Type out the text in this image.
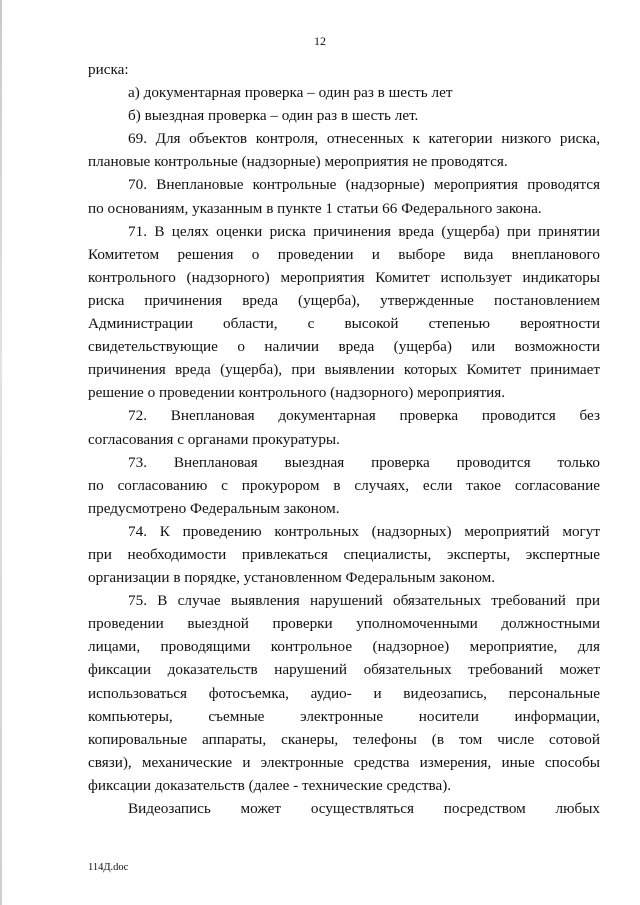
12
риска:
а) документарная проверка – один раз в шесть лет
б) выездная проверка – один раз в шесть лет.
69. Для объектов контроля, отнесенных к категории низкого риска,
плановые контрольные (надзорные) мероприятия не проводятся.
70. Внеплановые контрольные (надзорные) мероприятия проводятся
по основаниям, указанным в пункте 1 статьи 66 Федерального закона.
71. В целях оценки риска причинения вреда (ущерба) при принятии
Комитетом решения о проведении и выборе вида внепланового
контрольного (надзорного) мероприятия Комитет использует индикаторы
риска причинения вреда (ущерба), утвержденные постановлением
Администрации области, с высокой степенью вероятности
свидетельствующие о наличии вреда (ущерба) или возможности
причинения вреда (ущерба), при выявлении которых Комитет принимает
решение о проведении контрольного (надзорного) мероприятия.
72. Внеплановая документарная проверка проводится без
согласования с органами прокуратуры.
73. Внеплановая выездная проверка проводится только
по согласованию с прокурором в случаях, если такое согласование
предусмотрено Федеральным законом.
74. К проведению контрольных (надзорных) мероприятий могут
при необходимости привлекаться специалисты, эксперты, экспертные
организации в порядке, установленном Федеральным законом.
75. В случае выявления нарушений обязательных требований при
проведении выездной проверки уполномоченными должностными
лицами, проводящими контрольное (надзорное) мероприятие, для
фиксации доказательств нарушений обязательных требований может
использоваться фотосъемка, аудио- и видеозапись, персональные
компьютеры, съемные электронные носители информации,
копировальные аппараты, сканеры, телефоны (в том числе сотовой
связи), механические и электронные средства измерения, иные способы
фиксации доказательств (далее - технические средства).
Видеозапись может осуществляться посредством любых
114Д.doc
